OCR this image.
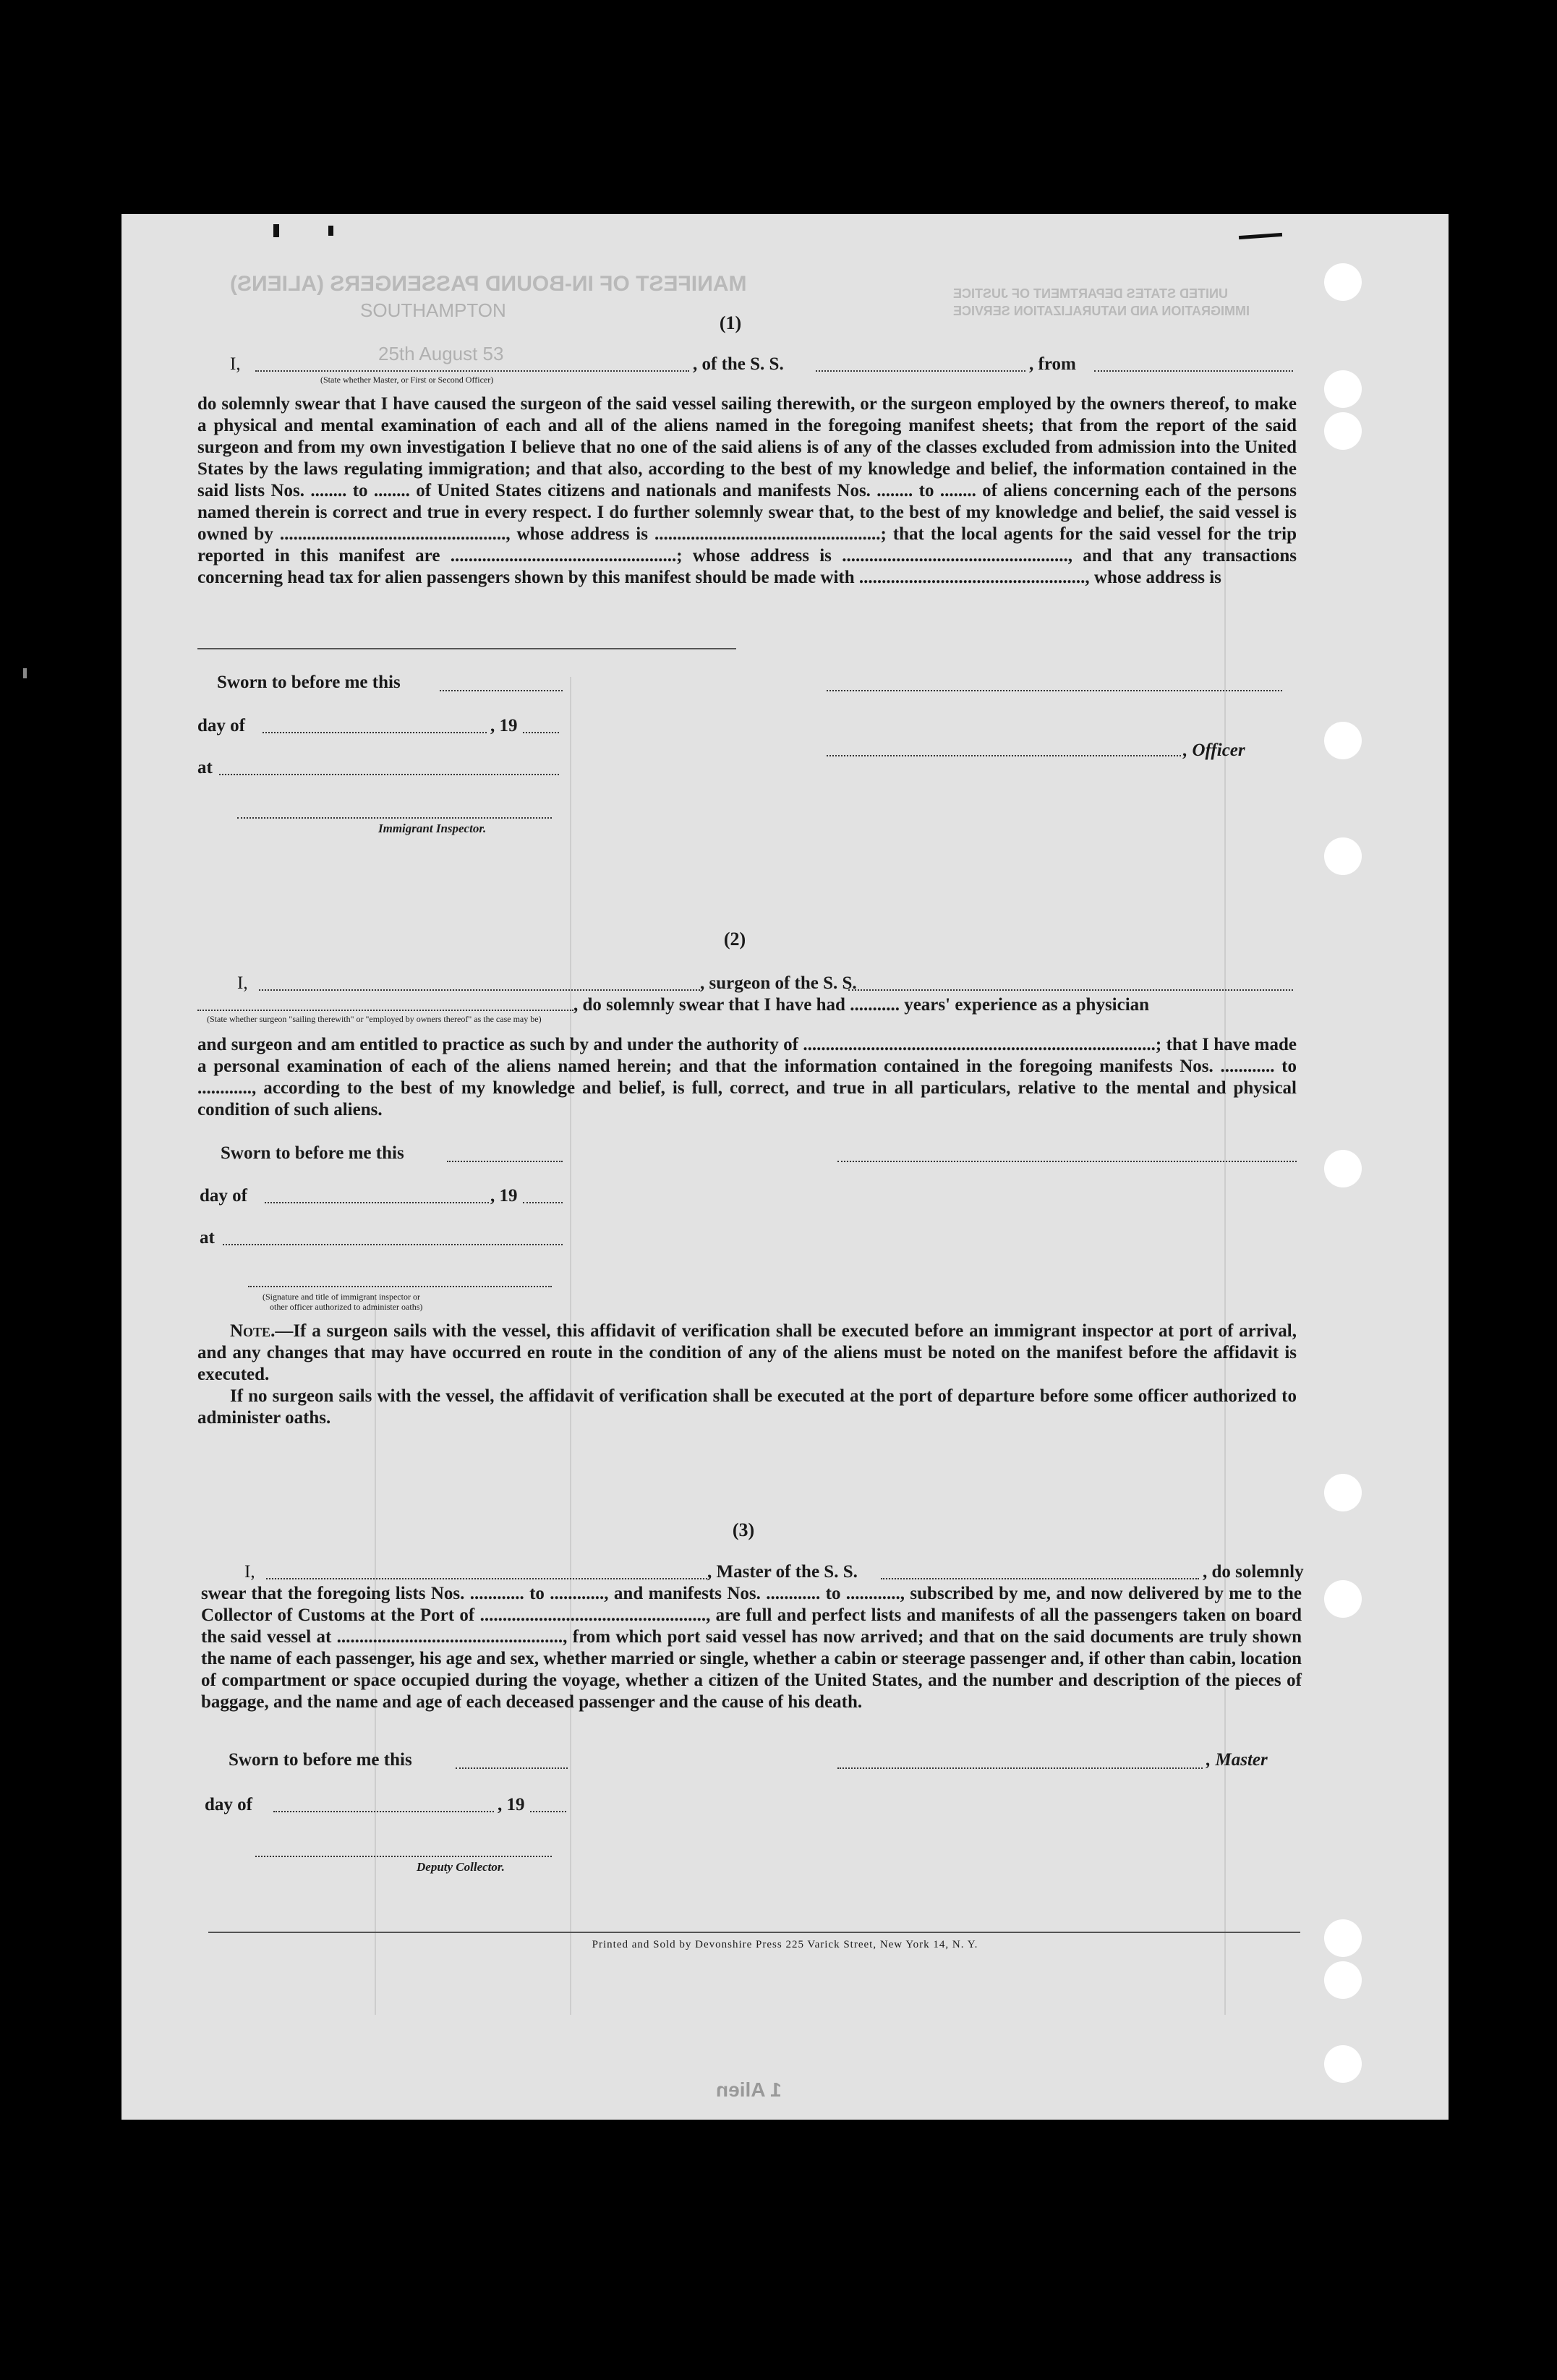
MANIFEST OF IN-BOUND PASSENGERS (ALIENS)	UNITED STATES DEPARTMENT OF JUSTICE
IMMIGRATION AND NATURALIZATION SERVICE
SOUTHAMPTON
25th August 53
(1)
I,	, of the S. S.	, from
(State whether Master, or First or Second Officer)
do solemnly swear that I have caused the surgeon of the said vessel sailing therewith, or the surgeon employed by the owners thereof, to make a physical and mental examination of each and all of the aliens named in the foregoing manifest sheets; that from the report of the said surgeon and from my own investigation I believe that no one of the said aliens is of any of the classes excluded from admission into the United States by the laws regulating immigration; and that also, according to the best of my knowledge and belief, the information contained in the said lists Nos. ........ to ........ of United States citizens and nationals and manifests Nos. ........ to ........ of aliens concerning each of the persons named therein is correct and true in every respect. I do further solemnly swear that, to the best of my knowledge and belief, the said vessel is owned by .................................................., whose address is ..................................................; that the local agents for the said vessel for the trip reported in this manifest are ..................................................; whose address is .................................................., and that any transactions concerning head tax for alien passengers shown by this manifest should be made with .................................................., whose address is
Sworn to before me this
day of	, 19
at
, Officer
Immigrant Inspector.
(2)
I,	, surgeon of the S. S.
, do solemnly swear that I have had ........... years' experience as a physician
(State whether surgeon "sailing therewith" or "employed by owners thereof" as the case may be)
and surgeon and am entitled to practice as such by and under the authority of ..............................................................................; that I have made a personal examination of each of the aliens named herein; and that the information contained in the foregoing manifests Nos. ............ to ............, according to the best of my knowledge and belief, is full, correct, and true in all particulars, relative to the mental and physical condition of such aliens.
Sworn to before me this
day of	, 19
at
(Signature and title of immigrant inspector or
other officer authorized to administer oaths)
Note.—If a surgeon sails with the vessel, this affidavit of verification shall be executed before an immigrant inspector at port of arrival, and any changes that may have occurred en route in the condition of any of the aliens must be noted on the manifest before the affidavit is executed.
If no surgeon sails with the vessel, the affidavit of verification shall be executed at the port of departure before some officer authorized to administer oaths.
(3)
I,	, Master of the S. S.	, do solemnly
swear that the foregoing lists Nos. ............ to ............, and manifests Nos. ............ to ............, subscribed by me, and now delivered by me to the Collector of Customs at the Port of .................................................., are full and perfect lists and manifests of all the passengers taken on board the said vessel at .................................................., from which port said vessel has now arrived; and that on the said documents are truly shown the name of each passenger, his age and sex, whether married or single, whether a cabin or steerage passenger and, if other than cabin, location of compartment or space occupied during the voyage, whether a citizen of the United States, and the number and description of the pieces of baggage, and the name and age of each deceased passenger and the cause of his death.
Sworn to before me this	, Master
day of	, 19
Deputy Collector.
Printed and Sold by Devonshire Press 225 Varick Street, New York 14, N. Y.
1 Alien
